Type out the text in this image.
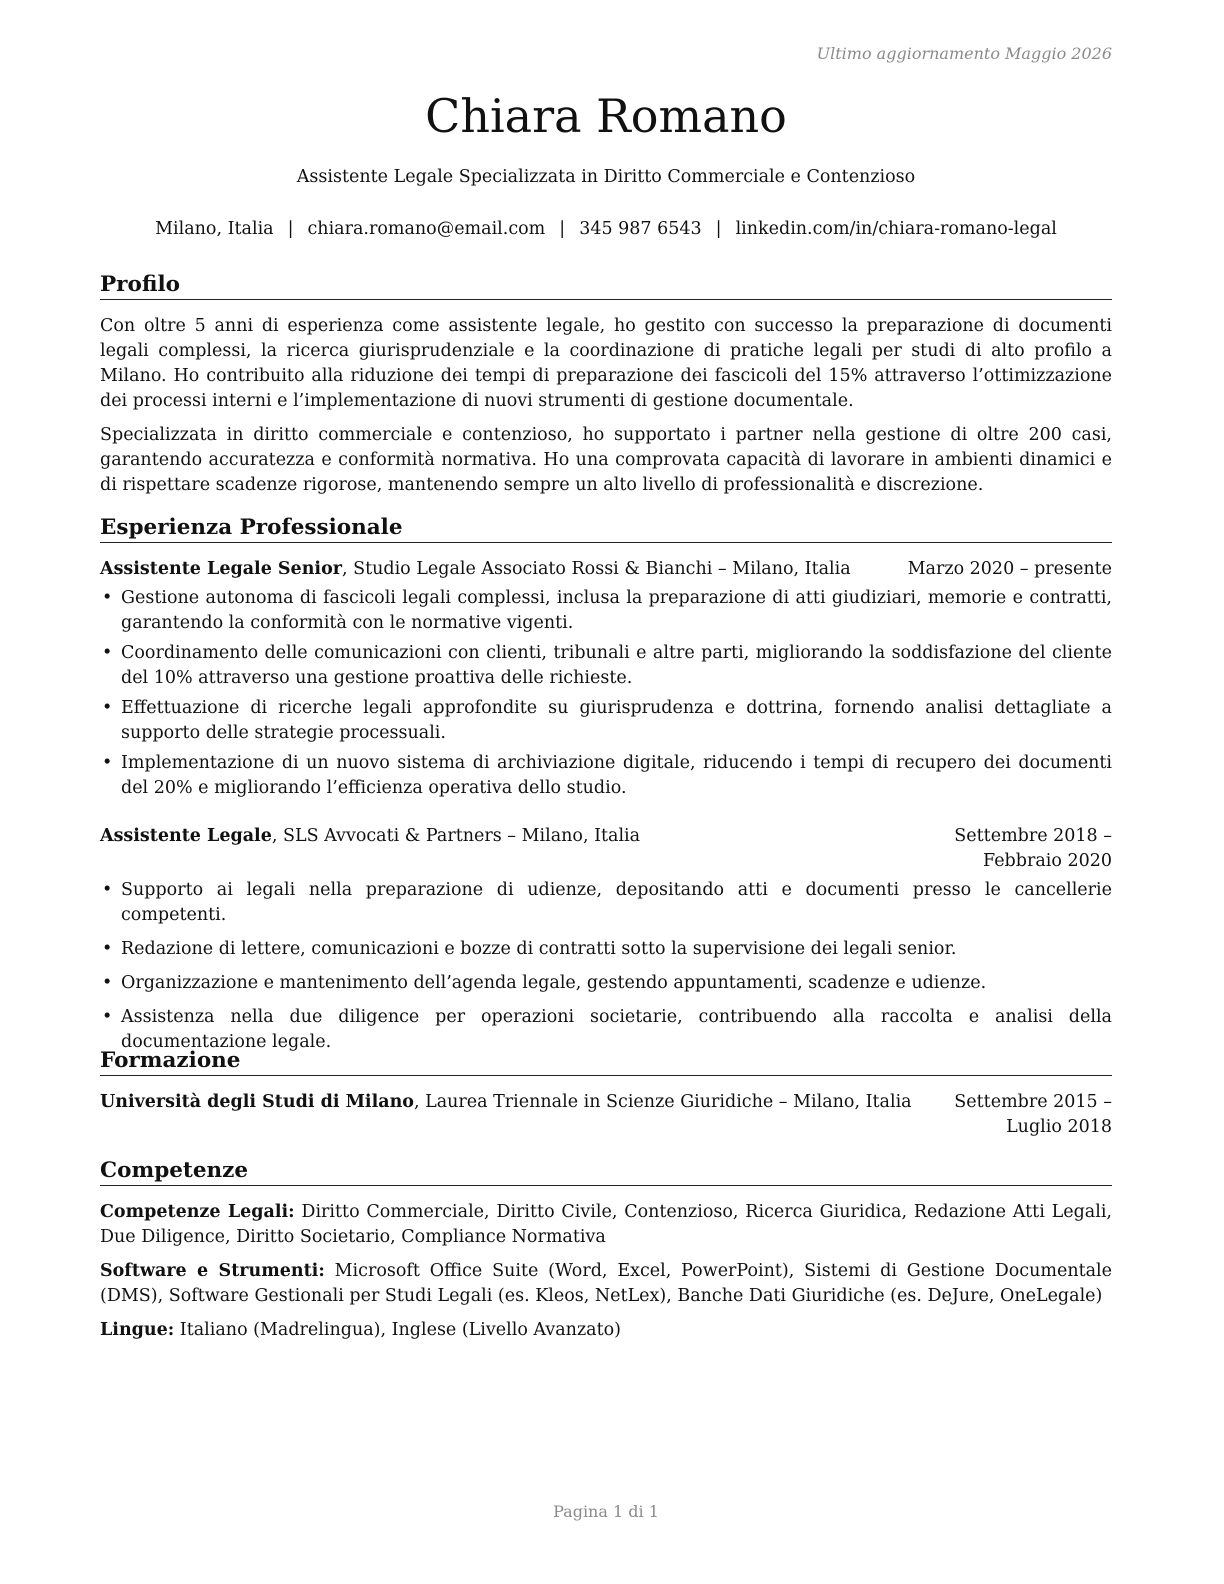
Ultimo aggiornamento Maggio 2026
Chiara Romano
Assistente Legale Specializzata in Diritto Commerciale e Contenzioso
Milano, Italia | chiara.romano@email.com | 345 987 6543 | linkedin.com/in/chiara-romano-legal
Profilo

Con oltre 5 anni di esperienza come assistente legale, ho gestito con successo la preparazione di documenti legali complessi, la ricerca giurisprudenziale e la coordinazione di pratiche legali per studi di alto profilo a Milano. Ho contribuito alla riduzione dei tempi di preparazione dei fascicoli del 15% attraverso l’ottimizzazione dei processi interni e l’implementazione di nuovi strumenti di gestione documentale.

Specializzata in diritto commerciale e contenzioso, ho supportato i partner nella gestione di oltre 200 casi, garantendo accuratezza e conformità normativa. Ho una comprovata capacità di lavorare in ambienti dinamici e di rispettare scadenze rigorose, mantenendo sempre un alto livello di professionalità e discrezione.

Esperienza Professionale
Assistente Legale Senior, Studio Legale Associato Rossi & Bianchi – Milano, Italia	Marzo 2020 – presente
• Gestione autonoma di fascicoli legali complessi, inclusa la preparazione di atti giudiziari, memorie e contratti, garantendo la conformità con le normative vigenti.
• Coordinamento delle comunicazioni con clienti, tribunali e altre parti, migliorando la soddisfazione del cliente del 10% attraverso una gestione proattiva delle richieste.
• Effettuazione di ricerche legali approfondite su giurisprudenza e dottrina, fornendo analisi dettagliate a supporto delle strategie processuali.
• Implementazione di un nuovo sistema di archiviazione digitale, riducendo i tempi di recupero dei documenti del 20% e migliorando l’efficienza operativa dello studio.
Assistente Legale, SLS Avvocati & Partners – Milano, Italia	Settembre 2018 – Febbraio 2020
• Supporto ai legali nella preparazione di udienze, depositando atti e documenti presso le cancellerie competenti.
• Redazione di lettere, comunicazioni e bozze di contratti sotto la supervisione dei legali senior.
• Organizzazione e mantenimento dell’agenda legale, gestendo appuntamenti, scadenze e udienze.
• Assistenza nella due diligence per operazioni societarie, contribuendo alla raccolta e analisi della documentazione legale.
Formazione
Università degli Studi di Milano, Laurea Triennale in Scienze Giuridiche – Milano, Italia Settembre 2015 – Luglio 2018
Competenze

Competenze Legali: Diritto Commerciale, Diritto Civile, Contenzioso, Ricerca Giuridica, Redazione Atti Legali, Due Diligence, Diritto Societario, Compliance Normativa

Software e Strumenti: Microsoft Office Suite (Word, Excel, PowerPoint), Sistemi di Gestione Documentale (DMS), Software Gestionali per Studi Legali (es. Kleos, NetLex), Banche Dati Giuridiche (es. DeJure, OneLegale)

Lingue: Italiano (Madrelingua), Inglese (Livello Avanzato)

Pagina 1 di 1
